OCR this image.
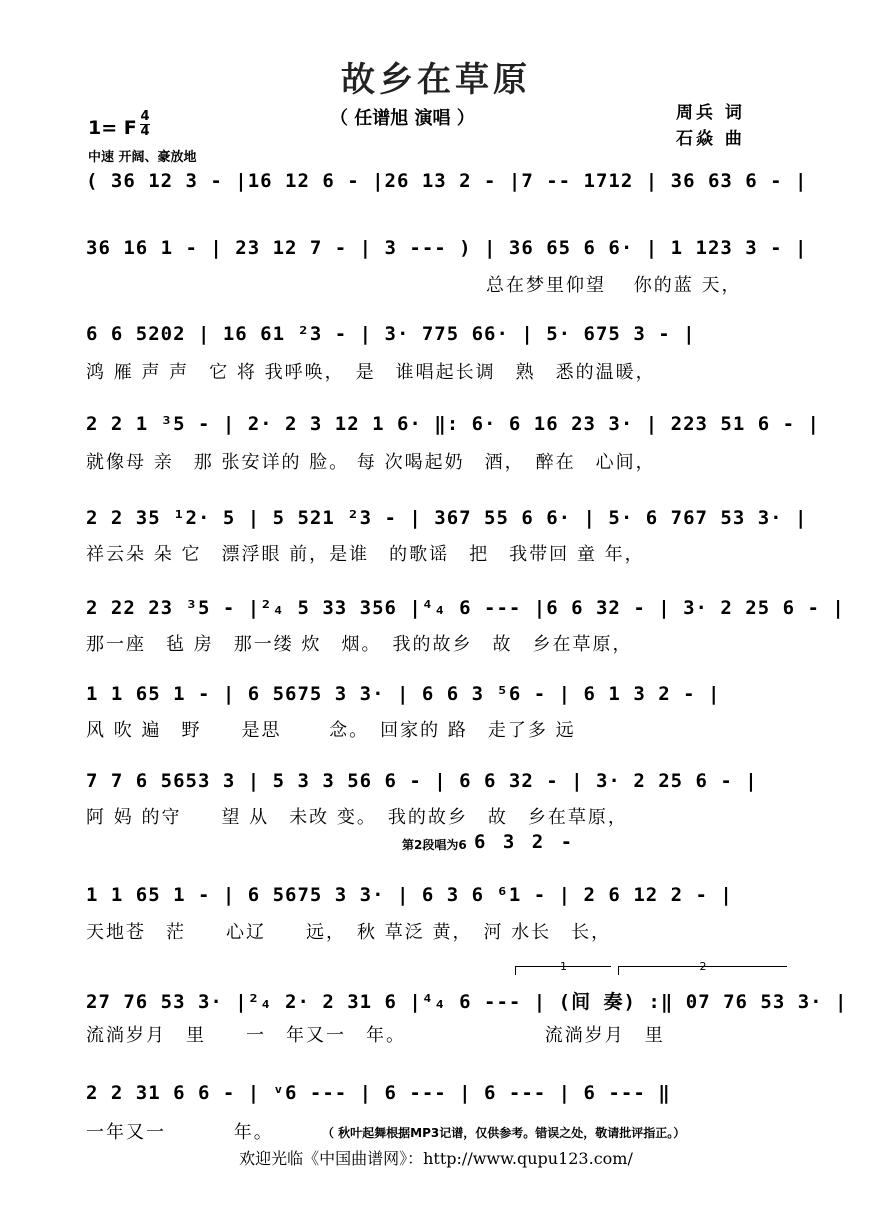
故乡在草原
（ 任谱旭 演唱 ）	周兵 词
石焱 曲
1= F
4
4
中速 开阔、豪放地
( 36 12 3 - |16 12 6 - |26 13 2 - |7 -- 1712 | 36 63 6 - |
36 16 1 - | 23 12 7 - | 3 --- ) | 36 65 6 6· | 1 123 3 - |
总在梦里仰望　 你的蓝 天，
6 6 5202 | 16 61 ²3 - | 3· 775 66· | 5· 675 3 - |
鸿 雁 声 声　它 将 我呼唤，　是　谁唱起长调　熟　悉的温暖，
2 2 1 ³5 - | 2· 2 3 12 1 6· ‖: 6· 6 16 23 3· | 223 51 6 - |
就像母 亲　那 张安详的 脸。 每 次喝起奶　酒，　醉在　心间，
2 2 35 ¹2· 5 | 5 521 ²3 - | 367 55 6 6· | 5· 6 767 53 3· |
祥云朵 朵 它　漂浮眼 前，是谁　的歌谣　把　我带回 童 年，
2 22 23 ³5 - |²₄ 5 33 356 |⁴₄ 6 --- |6 6 32 - | 3· 2 25 6 - |
那一座　毡 房　那一缕 炊　烟。　我的故乡　故　乡在草原，
1 1 65 1 - | 6 5675 3 3· | 6 6 3 ⁵6 - | 6 1 3 2 - |
风 吹 遍　野　　是思　　 念。　回家的 路　走了多 远
7 7 6 5653 3 | 5 3 3 56 6 - | 6 6 32 - | 3· 2 25 6 - |
阿 妈 的守　　望 从　未改 变。　我的故乡　故　乡在草原，
第2段唱为6 6 3 2 -
1 1 65 1 - | 6 5675 3 3· | 6 3 6 ⁶1 - | 2 6 12 2 - |
天地苍　茫　　心辽　　远，　秋 草泛 黄，　河 水长　长，
1	2
27 76 53 3· |²₄ 2· 2 31 6 |⁴₄ 6 --- | (间 奏) :‖ 07 76 53 3· |
流淌岁月　里　　一　年又一　年。　　　　　　　 流淌岁月　里
2 2 31 6 6 - | ᵛ6 --- | 6 --- | 6 --- | 6 --- ‖
一年又一　　　 年。	（ 秋叶起舞根据MP3记谱，仅供参考。错误之处，敬请批评指正。）
欢迎光临《中国曲谱网》：http://www.qupu123.com/
